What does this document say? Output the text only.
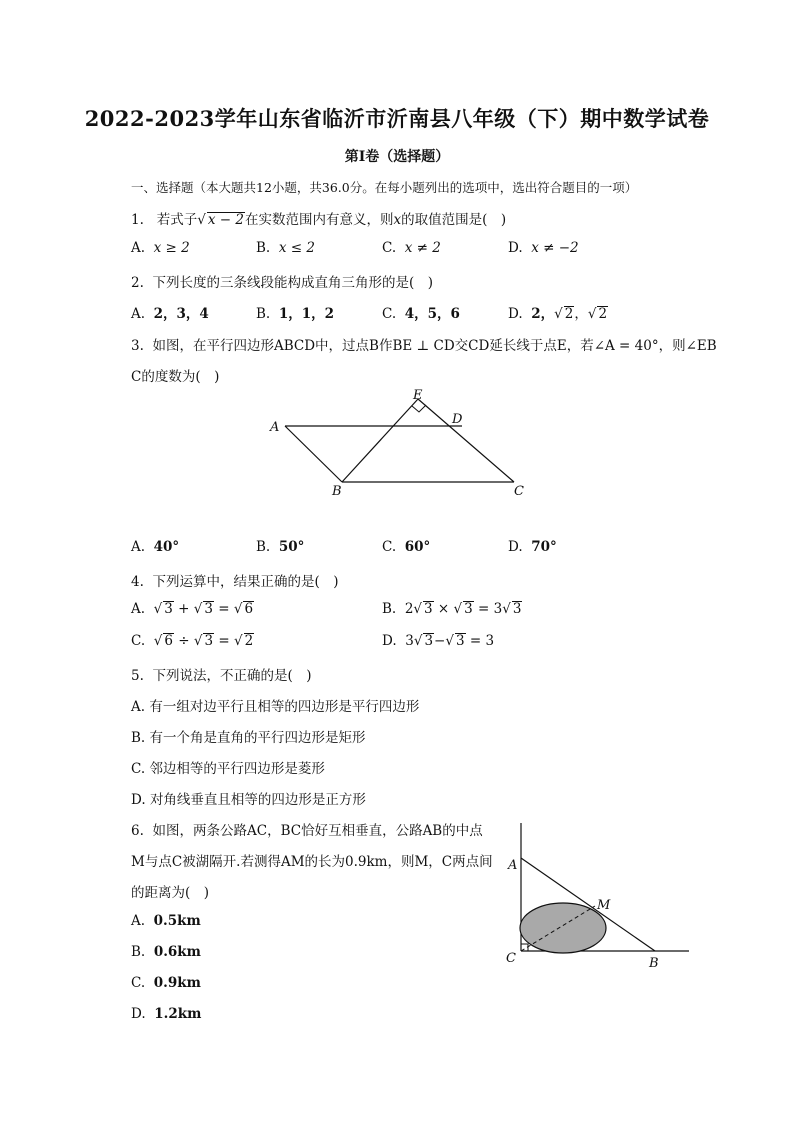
2022-2023学年山东省临沂市沂南县八年级（下）期中数学试卷
第Ⅰ卷（选择题）
一、选择题（本大题共12小题，共36.0分。在每小题列出的选项中，选出符合题目的一项）
1. 若式子√ x − 2在实数范围内有意义，则x的取值范围是(　)
A. x ≥ 2	B. x ≤ 2	C. x ≠ 2	D. x ≠ −2
2. 下列长度的三条线段能构成直角三角形的是(　)
A. 2，3，4	B. 1，1，2	C. 4，5，6	D. 2，√ 2，√ 2
3. 如图，在平行四边形ABCD中，过点B作BE ⊥ CD交CD延长线于点E，若∠A = 40°，则∠EB
C的度数为(　)
A
E
D
B	C
A. 40°	B. 50°	C. 60°	D. 70°
4. 下列运算中，结果正确的是(　)
A. √ 3 + √ 3 = √ 6	B. 2√ 3 × √ 3 = 3√ 3
C. √ 6 ÷ √ 3 = √ 2	D. 3√ 3−√ 3 = 3
5. 下列说法，不正确的是(　)
A. 有一组对边平行且相等的四边形是平行四边形
B. 有一个角是直角的平行四边形是矩形
C. 邻边相等的平行四边形是菱形
D. 对角线垂直且相等的四边形是正方形
6. 如图，两条公路AC，BC恰好互相垂直，公路AB的中点
M与点C被湖隔开.若测得AM的长为0.9km，则M，C两点间
的距离为(　)
A. 0.5km
B. 0.6km
C. 0.9km
D. 1.2km
A
M
C	B
